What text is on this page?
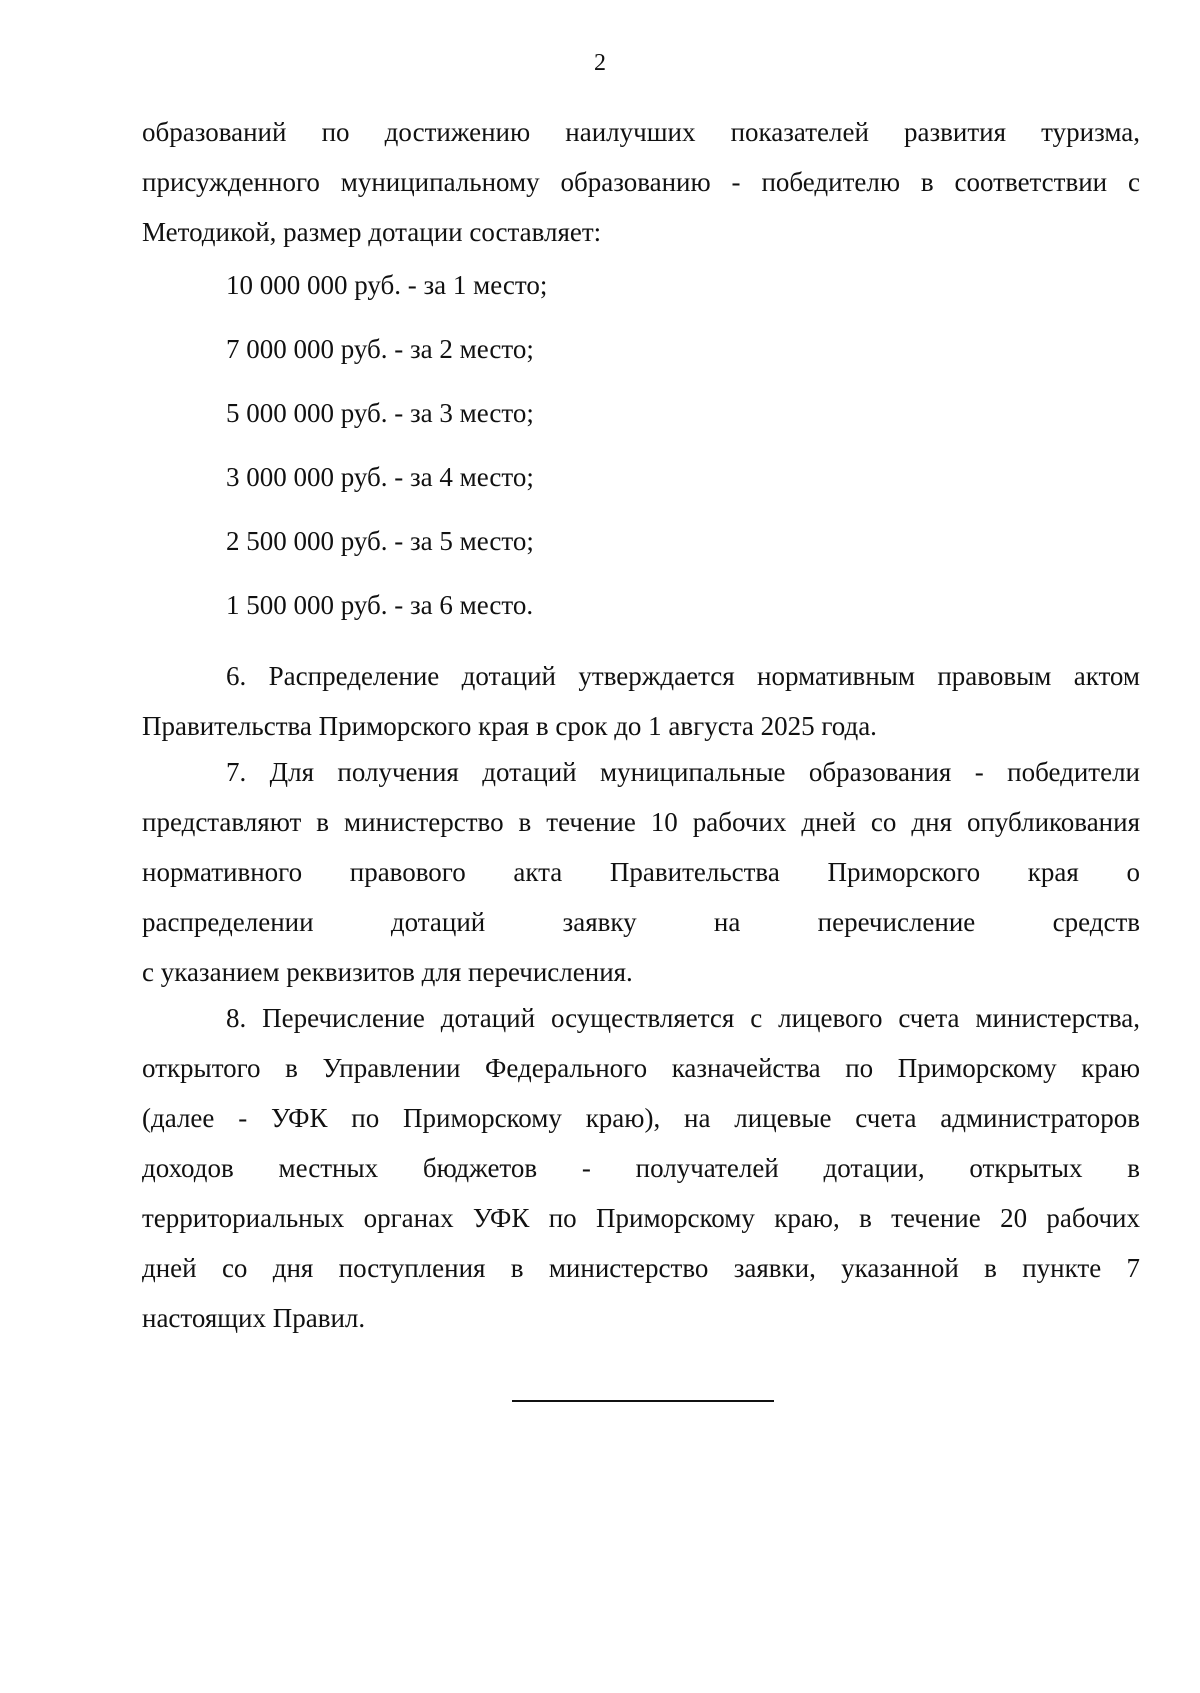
2
образований по достижению наилучших показателей развития туризма,
присужденного муниципальному образованию - победителю в соответствии с
Методикой, размер дотации составляет:
10 000 000 руб. - за 1 место;
7 000 000 руб. - за 2 место;
5 000 000 руб. - за 3 место;
3 000 000 руб. - за 4 место;
2 500 000 руб. - за 5 место;
1 500 000 руб. - за 6 место.
6. Распределение дотаций утверждается нормативным правовым актом
Правительства Приморского края в срок до 1 августа 2025 года.
7. Для получения дотаций муниципальные образования - победители
представляют в министерство в течение 10 рабочих дней со дня опубликования
нормативного правового акта Правительства Приморского края о
распределении дотаций заявку на перечисление средств
с указанием реквизитов для перечисления.
8. Перечисление дотаций осуществляется с лицевого счета министерства,
открытого в Управлении Федерального казначейства по Приморскому краю
(далее - УФК по Приморскому краю), на лицевые счета администраторов
доходов местных бюджетов - получателей дотации, открытых в
территориальных органах УФК по Приморскому краю, в течение 20 рабочих
дней со дня поступления в министерство заявки, указанной в пункте 7
настоящих Правил.
